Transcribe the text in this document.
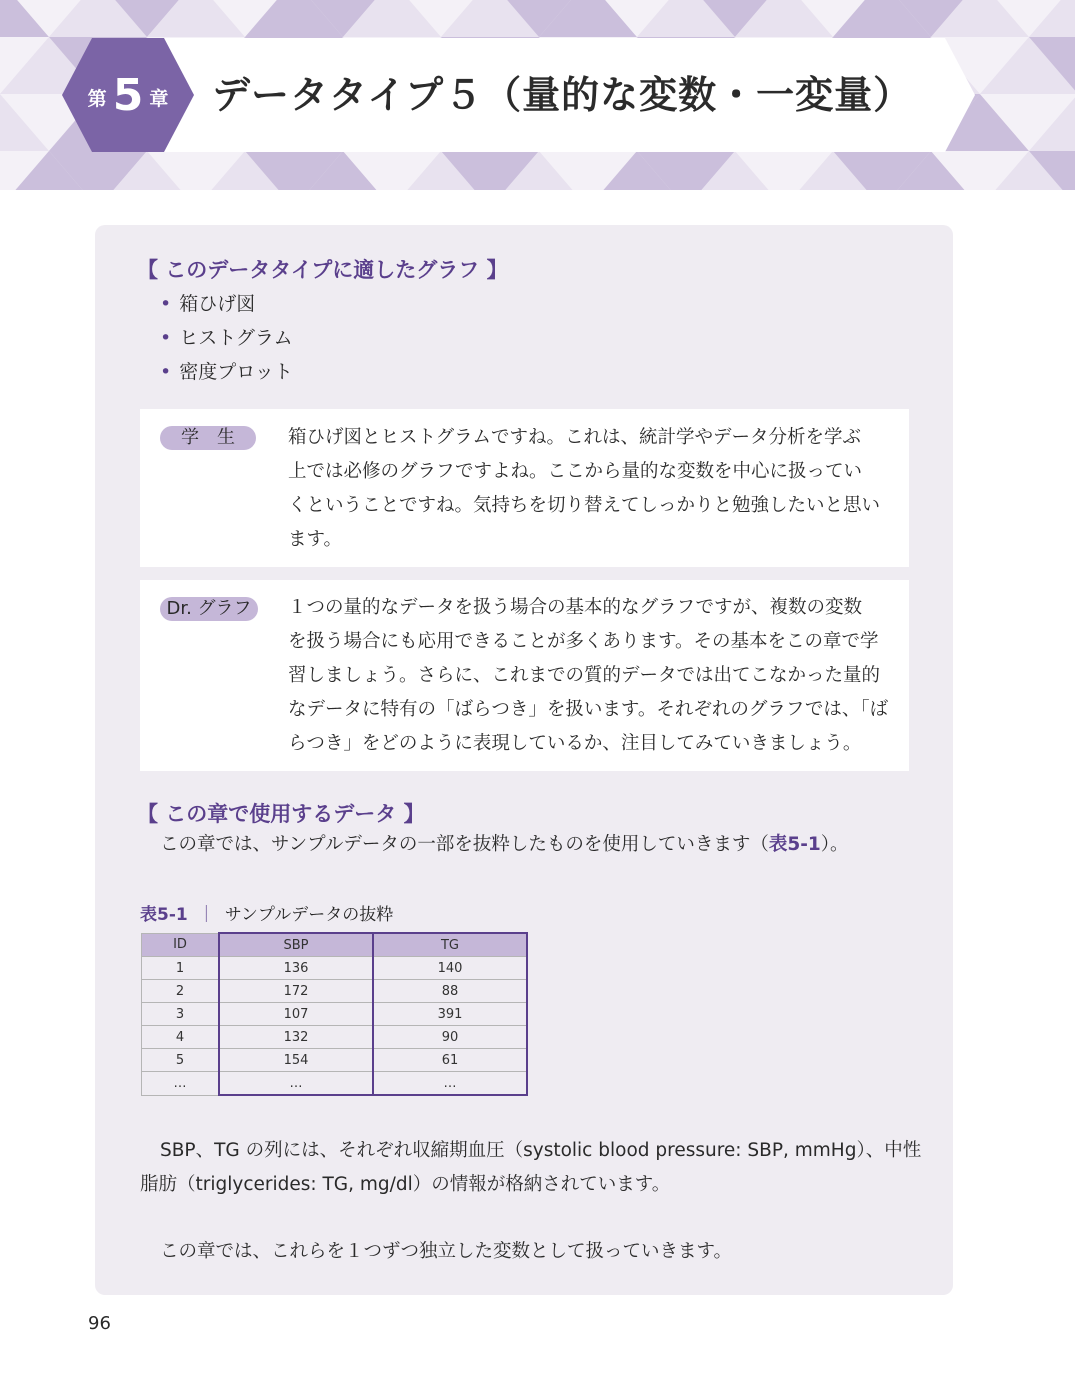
第 5 章 データタイプ５（量的な変数・一変量）
【 このデータタイプに適したグラフ 】
• 箱ひげ図
• ヒストグラム
• 密度プロット
学　生	箱ひげ図とヒストグラムですね。これは、統計学やデータ分析を学ぶ
上では必修のグラフですよね。ここから量的な変数を中心に扱ってい
くということですね。気持ちを切り替えてしっかりと勉強したいと思い
ます。
Dr. グラフ	１つの量的なデータを扱う場合の基本的なグラフですが、複数の変数
を扱う場合にも応用できることが多くあります。その基本をこの章で学
習しましょう。さらに、これまでの質的データでは出てこなかった量的
なデータに特有の「ばらつき」を扱います。それぞれのグラフでは、「ば
らつき」をどのように表現しているか、注目してみていきましょう。
【 この章で使用するデータ 】
この章では、サンプルデータの一部を抜粋したものを使用していきます（表5-1）。
表5-1 ｜ サンプルデータの抜粋
ID	SBP	TG
1	136	140
2	172	88
3	107	391
4	132	90
5	154	61
…	…	…
SBP、TG の列には、それぞれ収縮期血圧（systolic blood pressure: SBP, mmHg）、中性
脂肪（triglycerides: TG, mg/dl）の情報が格納されています。
この章では、これらを１つずつ独立した変数として扱っていきます。
96
